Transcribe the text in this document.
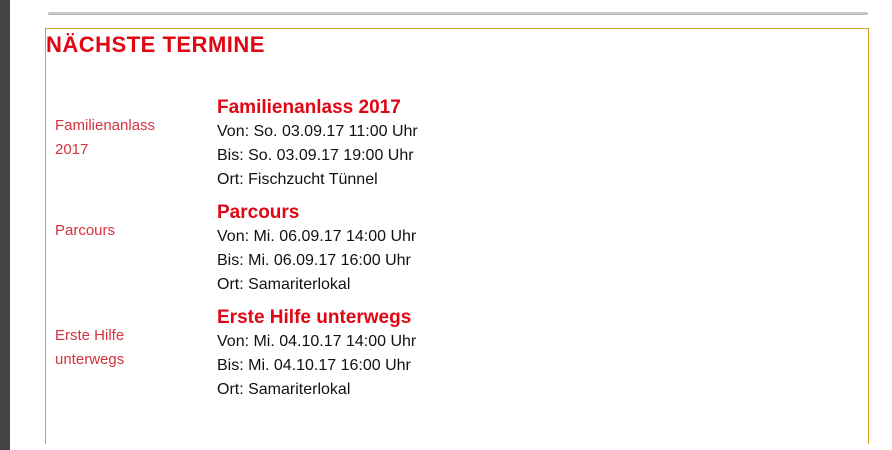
NÄCHSTE TERMINE
Familienanlass 2017
Familienanlass 2017

Von: So. 03.09.17 11:00 Uhr

Bis: So. 03.09.17 19:00 Uhr

Ort: Fischzucht Tünnel

Parcours
Parcours

Von: Mi. 06.09.17 14:00 Uhr

Bis: Mi. 06.09.17 16:00 Uhr

Ort: Samariterlokal

Erste Hilfe unterwegs
Erste Hilfe unterwegs

Von: Mi. 04.10.17 14:00 Uhr

Bis: Mi. 04.10.17 16:00 Uhr

Ort: Samariterlokal
